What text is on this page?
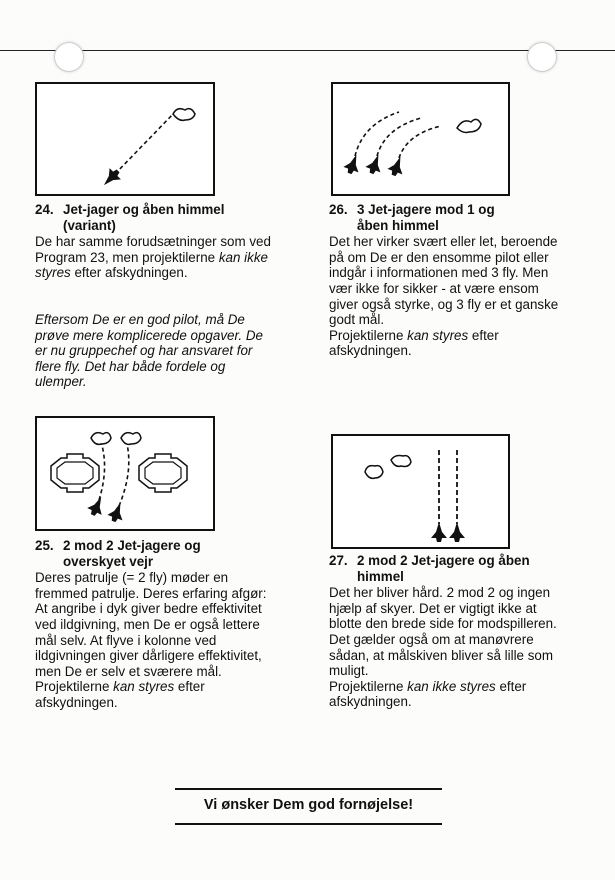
24. Jet-jager og åben himmel
(variant)

De har samme forudsætninger som ved

Program 23, men projektilerne kan ikke

styres efter afskydningen.

Eftersom De er en god pilot, må De

prøve mere komplicerede opgaver. De

er nu gruppechef og har ansvaret for

flere fly. Det har både fordele og

ulemper.

26. 3 Jet-jagere mod 1 og
åben himmel

Det her virker svært eller let, beroende

på om De er den ensomme pilot eller

indgår i informationen med 3 fly. Men

vær ikke for sikker - at være ensom

giver også styrke, og 3 fly er et ganske

godt mål.

Projektilerne kan styres efter

afskydningen.

25. 2 mod 2 Jet-jagere og
overskyet vejr

Deres patrulje (= 2 fly) møder en

fremmed patrulje. Deres erfaring afgør:

At angribe i dyk giver bedre effektivitet

ved ildgivning, men De er også lettere

mål selv. At flyve i kolonne ved

ildgivningen giver dårligere effektivitet,

men De er selv et sværere mål.

Projektilerne kan styres efter

afskydningen.

27. 2 mod 2 Jet-jagere og åben
himmel

Det her bliver hård. 2 mod 2 og ingen

hjælp af skyer. Det er vigtigt ikke at

blotte den brede side for modspilleren.

Det gælder også om at manøvrere

sådan, at målskiven bliver så lille som

muligt.

Projektilerne kan ikke styres efter

afskydningen.

Vi ønsker Dem god fornøjelse!
